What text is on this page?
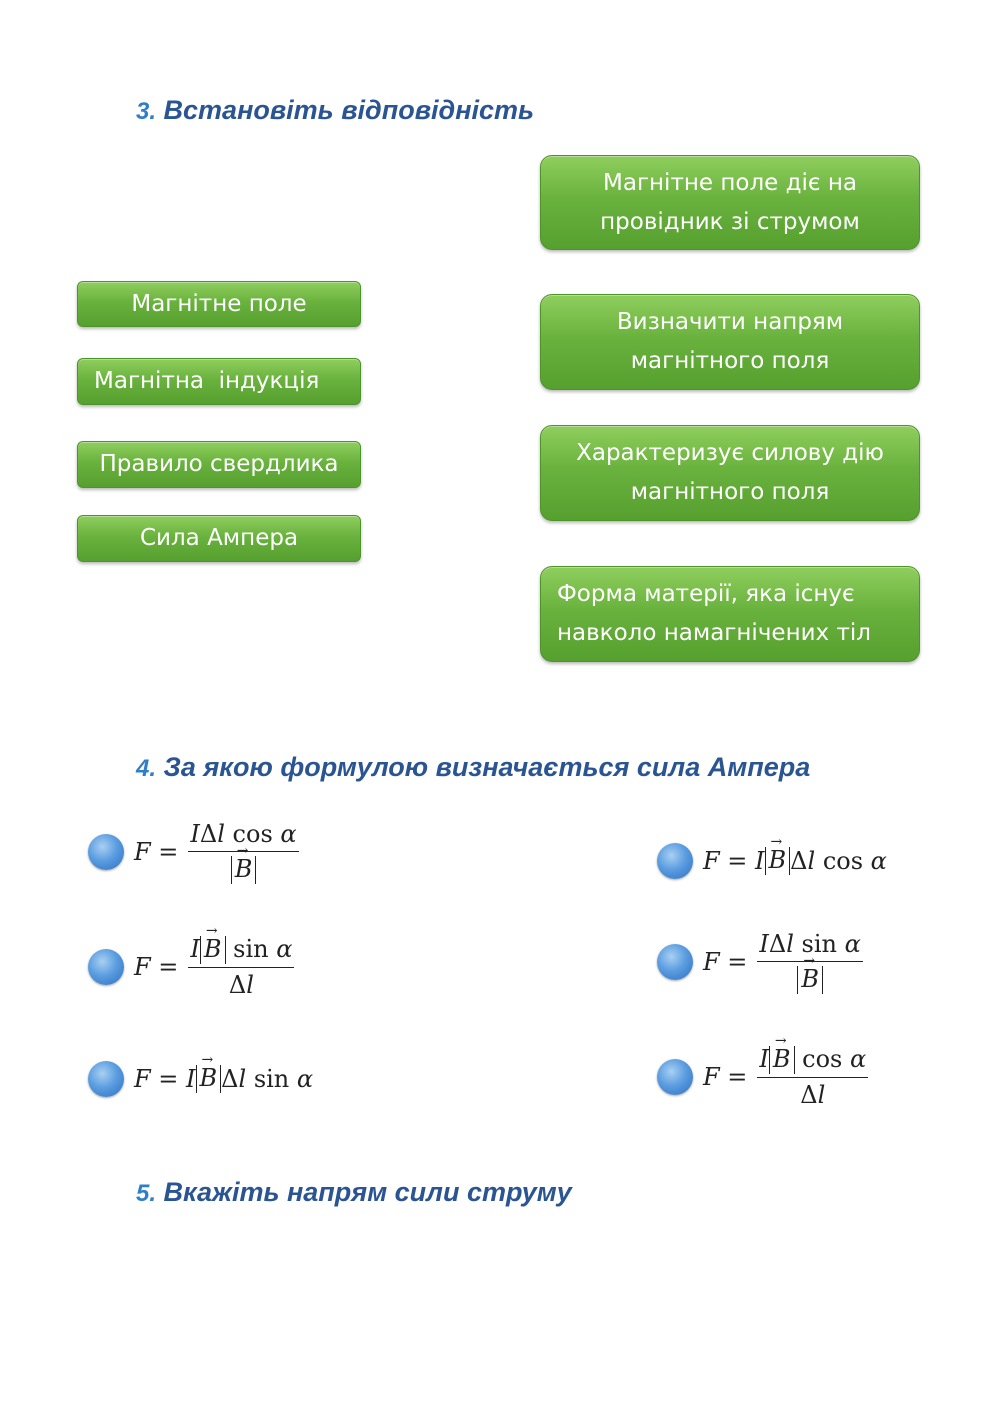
3. Встановіть відповідність
Магнітне поле
Магнітна  індукція
Правило свердлика
Сила Ампера
Магнітне поле діє на
провідник зі струмом
Визначити напрям
магнітного поля
Характеризує силову дію
магнітного поля
Форма матерії, яка існує
навколо намагнічених тіл
4. За якою формулою визначається сила Ампера
F = IΔl cos α
→ B	F = I → B Δ l cos α
$F = \frac{\text{I → B sin α}}{\Delta l}$	F = IΔl sin α
→ B
F = I → B Δ l sin α	$F = \frac{\text{I → B cos α}}{\Delta l}$
5. Вкажіть напрям сили струму
